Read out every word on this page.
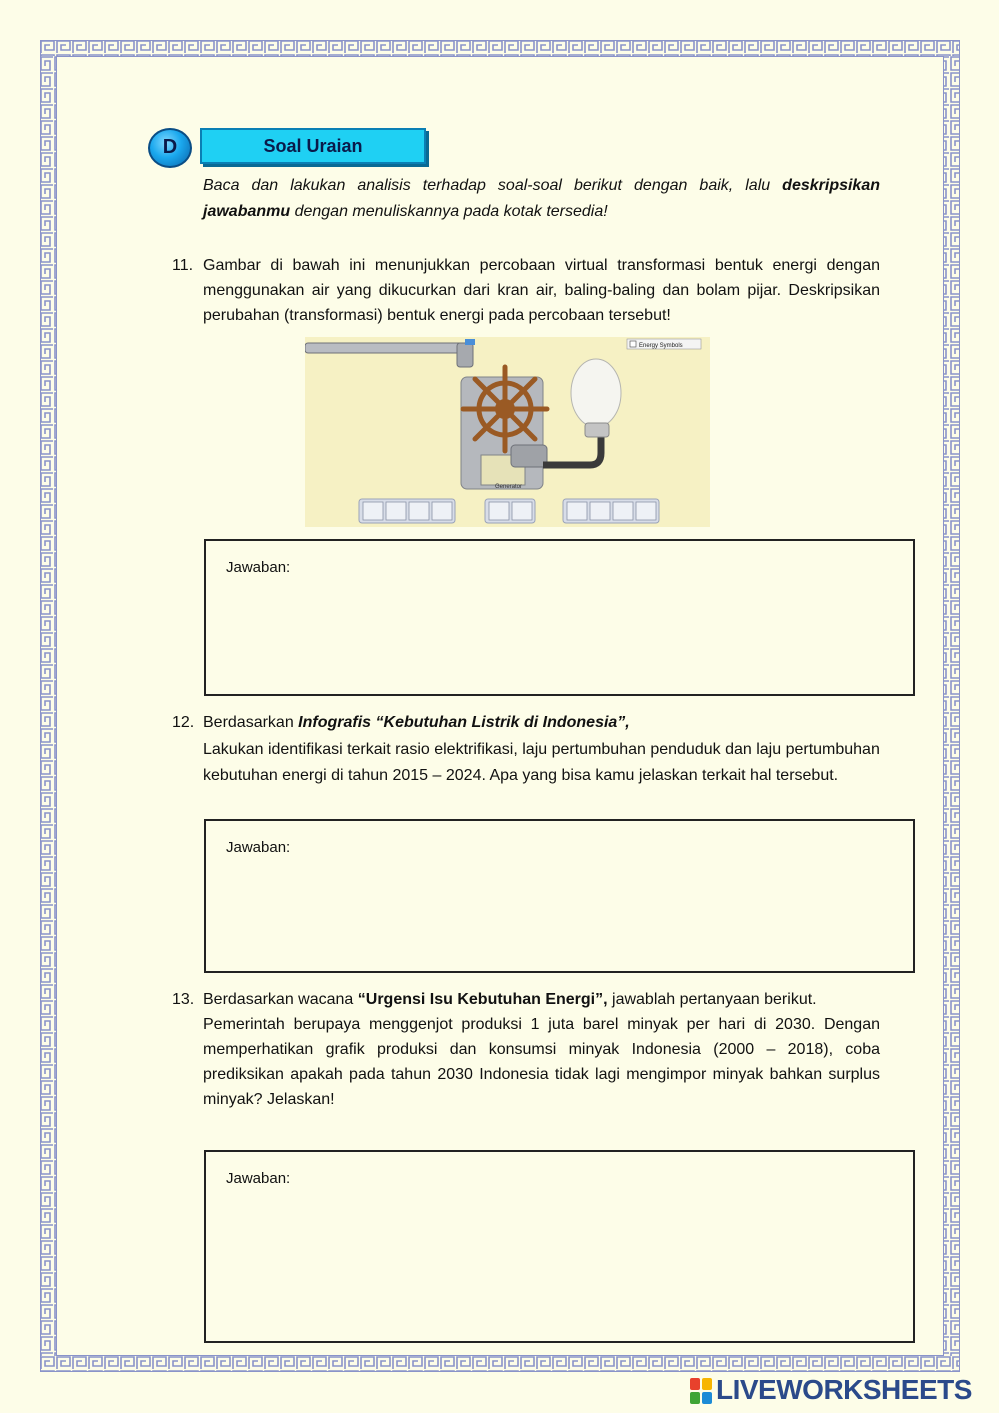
D	Soal Uraian
Baca dan lakukan analisis terhadap soal-soal berikut dengan baik, lalu deskripsikan jawabanmu dengan menuliskannya pada kotak tersedia!
11. Gambar di bawah ini menunjukkan percobaan virtual transformasi bentuk energi dengan menggunakan air yang dikucurkan dari kran air, baling-baling dan bolam pijar. Deskripsikan perubahan (transformasi) bentuk energi pada percobaan tersebut!
Energy Symbols
Generator
Jawaban:
12. Berdasarkan Infografis “Kebutuhan Listrik di Indonesia”,
Lakukan identifikasi terkait rasio elektrifikasi, laju pertumbuhan penduduk dan laju pertumbuhan kebutuhan energi di tahun 2015 – 2024. Apa yang bisa kamu jelaskan terkait hal tersebut.
Jawaban:
13. Berdasarkan wacana “Urgensi Isu Kebutuhan Energi”, jawablah pertanyaan berikut.
Pemerintah berupaya menggenjot produksi 1 juta barel minyak per hari di 2030. Dengan memperhatikan grafik produksi dan konsumsi minyak Indonesia (2000 – 2018), coba prediksikan apakah pada tahun 2030 Indonesia tidak lagi mengimpor minyak bahkan surplus minyak? Jelaskan!
Jawaban:
LIVEWORKSHEETS
